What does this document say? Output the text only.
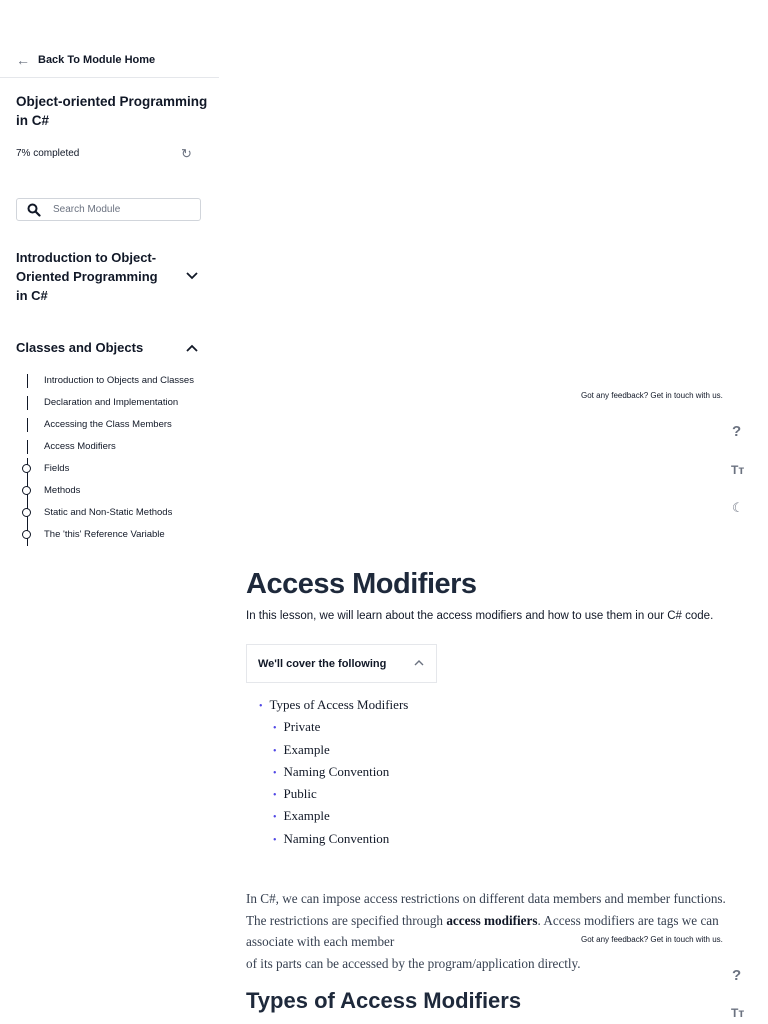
← Back To Module Home
Object-oriented Programming in C#
7% completed	↻
Search Module
Introduction to Object-Oriented Programming in C#
Classes and Objects
Introduction to Objects and Classes
Declaration and Implementation
Accessing the Class Members
Access Modifiers
Fields
Methods
Static and Non-Static Methods
The 'this' Reference Variable
Got any feedback? Get in touch with us.
?
Tт
☾
Got any feedback? Get in touch with us.
?
Tт
Access Modifiers
In this lesson, we will learn about the access modifiers and how to use them in our C# code.
We'll cover the following
• Types of Access Modifiers
• Private
• Example
• Naming Convention
• Public
• Example
• Naming Convention
In C#, we can impose access restrictions on different data members and member functions. The restrictions are specified through access modifiers. Access modifiers are tags we can associate with each member
of its parts can be accessed by the program/application directly.
Types of Access Modifiers
